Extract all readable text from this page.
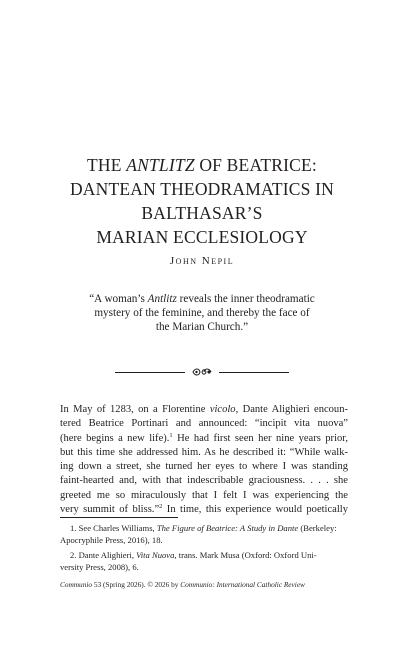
THE ANTLITZ OF BEATRICE:
DANTEAN THEODRAMATICS IN
BALTHASAR’S
MARIAN ECCLESIOLOGY
John Nepil
“A woman’s Antlitz reveals the inner theodramatic
mystery of the feminine, and thereby the face of
the Marian Church.”
In May of 1283, on a Florentine vicolo, Dante Alighieri encoun-
tered Beatrice Portinari and announced: “incipit vita nuova”
(here begins a new life).$^1$ He had first seen her nine years prior,
but this time she addressed him. As he described it: “While walk-
ing down a street, she turned her eyes to where I was standing
faint-hearted and, with that indescribable graciousness. . . . she
greeted me so miraculously that I felt I was experiencing the
very summit of bliss.”$^2$ In time, this experience would poetically
1. See Charles Williams, The Figure of Beatrice: A Study in Dante (Berkeley:
Apocryphile Press, 2016), 18.
2. Dante Alighieri, Vita Nuova, trans. Mark Musa (Oxford: Oxford Uni-
versity Press, 2008), 6.
Communio 53 (Spring 2026). © 2026 by Communio: International Catholic Review
